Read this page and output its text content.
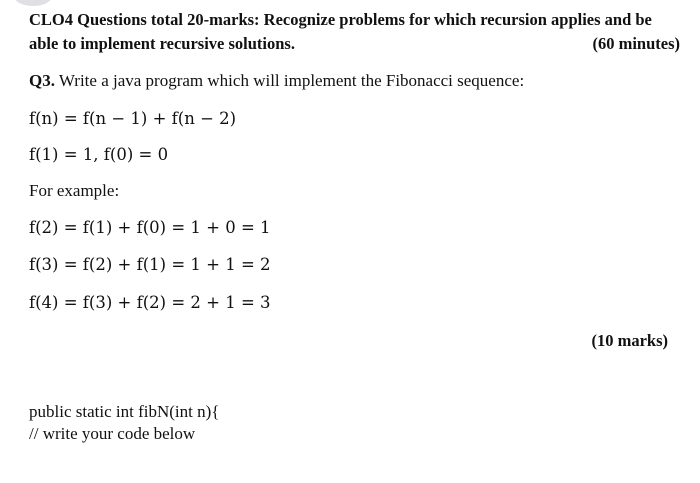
CLO4 Questions total 20-marks: Recognize problems for which recursion applies and be
able to implement recursive solutions.	(60 minutes)
Q3. Write a java program which will implement the Fibonacci sequence:
f(n) = f(n − 1) + f(n − 2)
f(1) = 1, f(0) = 0
For example:
f(2) = f(1) + f(0) = 1 + 0 = 1
f(3) = f(2) + f(1) = 1 + 1 = 2
f(4) = f(3) + f(2) = 2 + 1 = 3
(10 marks)
public static int fibN(int n){
// write your code below
